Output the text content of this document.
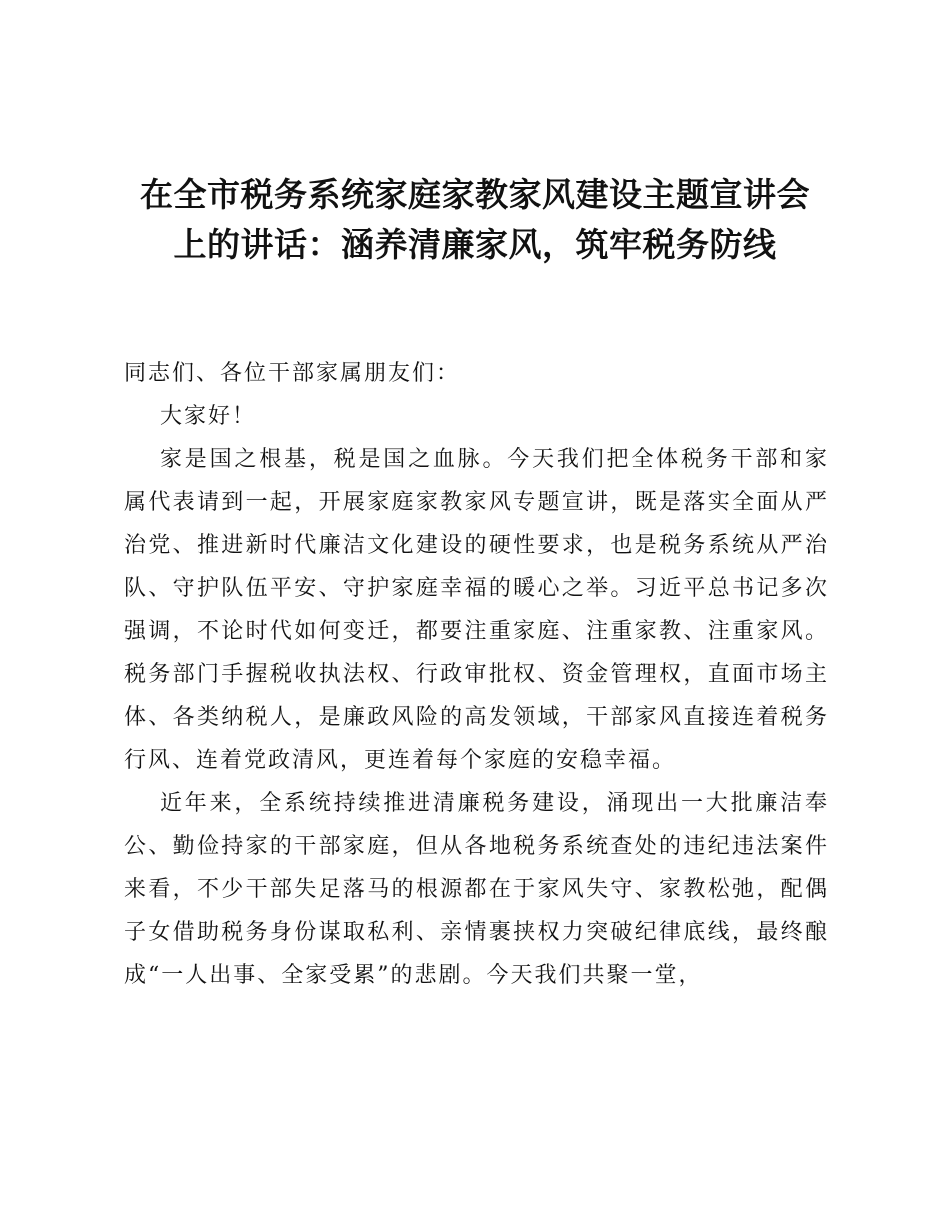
在全市税务系统家庭家教家风建设主题宣讲会
上的讲话：涵养清廉家风，筑牢税务防线

同志们、各位干部家属朋友们：

大家好！

家是国之根基，税是国之血脉。今天我们把全体税务干部和家属代表请到一起，开展家庭家教家风专题宣讲，既是落实全面从严治党、推进新时代廉洁文化建设的硬性要求，也是税务系统从严治队、守护队伍平安、守护家庭幸福的暖心之举。习近平总书记多次强调，不论时代如何变迁，都要注重家庭、注重家教、注重家风。税务部门手握税收执法权、行政审批权、资金管理权，直面市场主体、各类纳税人，是廉政风险的高发领域，干部家风直接连着税务行风、连着党政清风，更连着每个家庭的安稳幸福。

近年来，全系统持续推进清廉税务建设，涌现出一大批廉洁奉公、勤俭持家的干部家庭，但从各地税务系统查处的违纪违法案件来看，不少干部失足落马的根源都在于家风失守、家教松弛，配偶子女借助税务身份谋取私利、亲情裹挟权力突破纪律底线，最终酿成“一人出事、全家受累”的悲剧。今天我们共聚一堂，
